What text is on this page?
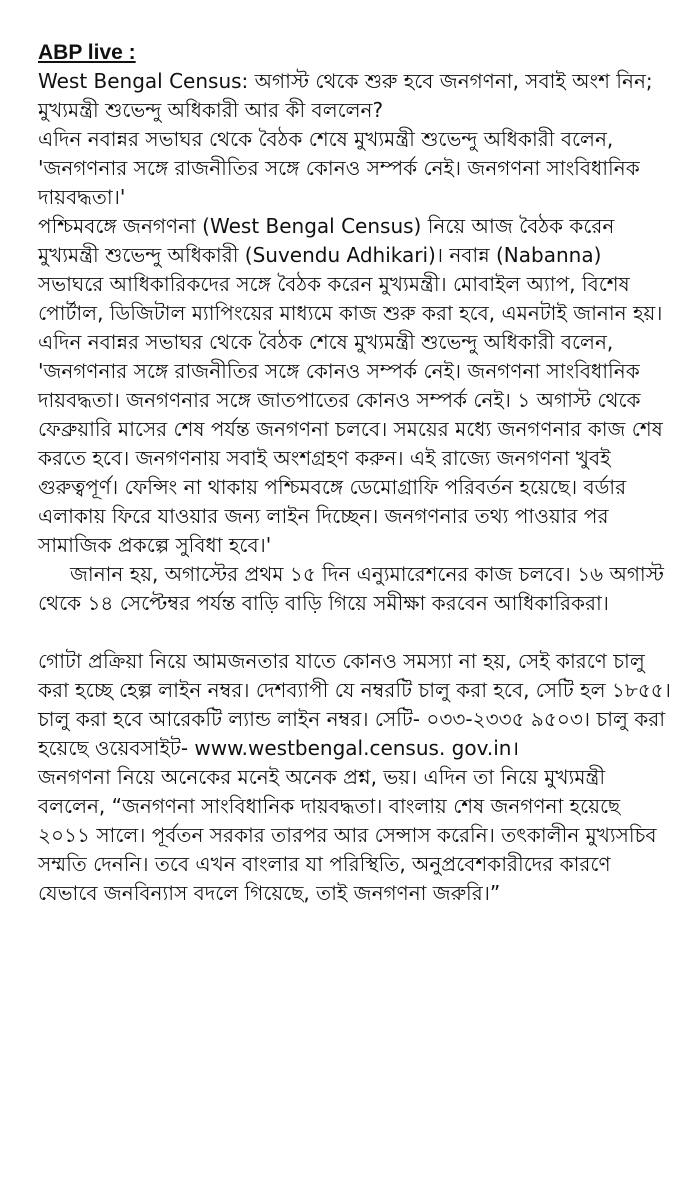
ABP live :

West Bengal Census: অগাস্ট থেকে শুরু হবে জনগণনা, সবাই অংশ নিন; মুখ্যমন্ত্রী শুভেন্দু অধিকারী আর কী বললেন?

এদিন নবান্নর সভাঘর থেকে বৈঠক শেষে মুখ্যমন্ত্রী শুভেন্দু অধিকারী বলেন, 'জনগণনার সঙ্গে রাজনীতির সঙ্গে কোনও সম্পর্ক নেই। জনগণনা সাংবিধানিক দায়বদ্ধতা।'

পশ্চিমবঙ্গে জনগণনা (West Bengal Census) নিয়ে আজ বৈঠক করেন মুখ্যমন্ত্রী শুভেন্দু অধিকারী (Suvendu Adhikari)। নবান্ন (Nabanna) সভাঘরে আধিকারিকদের সঙ্গে বৈঠক করেন মুখ্যমন্ত্রী। মোবাইল অ্যাপ, বিশেষ পোর্টাল, ডিজিটাল ম্যাপিংয়ের মাধ্যমে কাজ শুরু করা হবে, এমনটাই জানান হয়।

এদিন নবান্নর সভাঘর থেকে বৈঠক শেষে মুখ্যমন্ত্রী শুভেন্দু অধিকারী বলেন, 'জনগণনার সঙ্গে রাজনীতির সঙ্গে কোনও সম্পর্ক নেই। জনগণনা সাংবিধানিক দায়বদ্ধতা। জনগণনার সঙ্গে জাতপাতের কোনও সম্পর্ক নেই। ১ অগাস্ট থেকে ফেব্রুয়ারি মাসের শেষ পর্যন্ত জনগণনা চলবে। সময়ের মধ্যে জনগণনার কাজ শেষ করতে হবে। জনগণনায় সবাই অংশগ্রহণ করুন। এই রাজ্যে জনগণনা খুবই গুরুত্বপূর্ণ। ফেন্সিং না থাকায় পশ্চিমবঙ্গে ডেমোগ্রাফি পরিবর্তন হয়েছে। বর্ডার এলাকায় ফিরে যাওয়ার জন্য লাইন দিচ্ছেন। জনগণনার তথ্য পাওয়ার পর সামাজিক প্রকল্পে সুবিধা হবে।'

জানান হয়, অগাস্টের প্রথম ১৫ দিন এন্যুমারেশনের কাজ চলবে। ১৬ অগাস্ট থেকে ১৪ সেপ্টেম্বর পর্যন্ত বাড়ি বাড়ি গিয়ে সমীক্ষা করবেন আধিকারিকরা।

গোটা প্রক্রিয়া নিয়ে আমজনতার যাতে কোনও সমস্যা না হয়, সেই কারণে চালু করা হচ্ছে হেল্প লাইন নম্বর। দেশব্যাপী যে নম্বরটি চালু করা হবে, সেটি হল ১৮৫৫। চালু করা হবে আরেকটি ল্যান্ড লাইন নম্বর। সেটি- ০৩৩-২৩৩৫ ৯৫০৩। চালু করা হয়েছে ওয়েবসাইট- www.westbengal.census. gov.in।

জনগণনা নিয়ে অনেকের মনেই অনেক প্রশ্ন, ভয়। এদিন তা নিয়ে মুখ্যমন্ত্রী বললেন, “জনগণনা সাংবিধানিক দায়বদ্ধতা। বাংলায় শেষ জনগণনা হয়েছে ২০১১ সালে। পূর্বতন সরকার তারপর আর সেন্সাস করেনি। তৎকালীন মুখ্যসচিব সম্মতি দেননি। তবে এখন বাংলার যা পরিস্থিতি, অনুপ্রবেশকারীদের কারণে যেভাবে জনবিন্যাস বদলে গিয়েছে, তাই জনগণনা জরুরি।”
